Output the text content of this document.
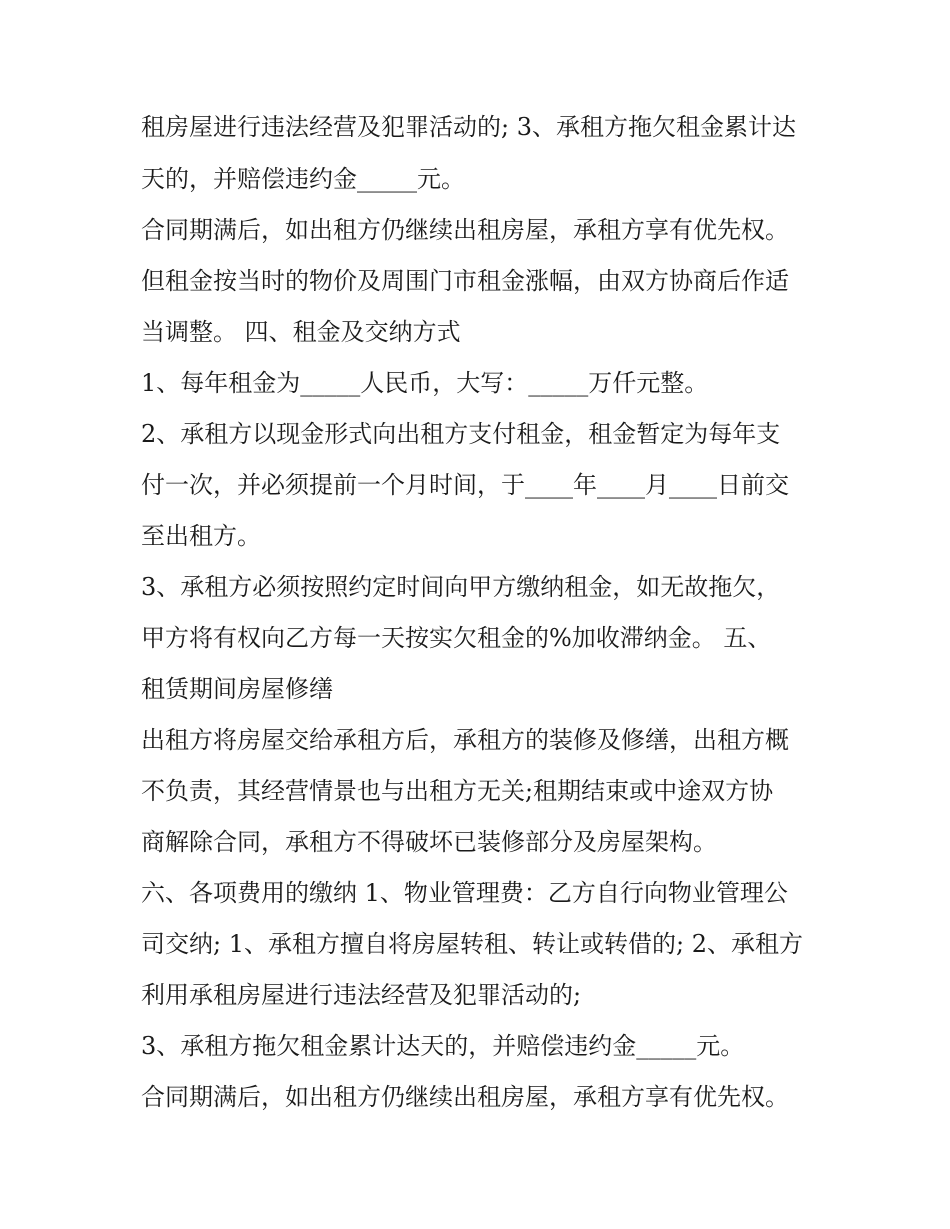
租房屋进行违法经营及犯罪活动的; 3、承租方拖欠租金累计达
天的，并赔偿违约金_____元。
合同期满后，如出租方仍继续出租房屋，承租方享有优先权。
但租金按当时的物价及周围门市租金涨幅，由双方协商后作适
当调整。 四、租金及交纳方式
1、每年租金为_____人民币，大写：_____万仟元整。
2、承租方以现金形式向出租方支付租金，租金暂定为每年支
付一次，并必须提前一个月时间，于____年____月____日前交
至出租方。
3、承租方必须按照约定时间向甲方缴纳租金，如无故拖欠，
甲方将有权向乙方每一天按实欠租金的%加收滞纳金。 五、
租赁期间房屋修缮
出租方将房屋交给承租方后，承租方的装修及修缮，出租方概
不负责，其经营情景也与出租方无关;租期结束或中途双方协
商解除合同，承租方不得破坏已装修部分及房屋架构。
六、各项费用的缴纳 1、物业管理费：乙方自行向物业管理公
司交纳; 1、承租方擅自将房屋转租、转让或转借的; 2、承租方
利用承租房屋进行违法经营及犯罪活动的;
3、承租方拖欠租金累计达天的，并赔偿违约金_____元。
合同期满后，如出租方仍继续出租房屋，承租方享有优先权。
